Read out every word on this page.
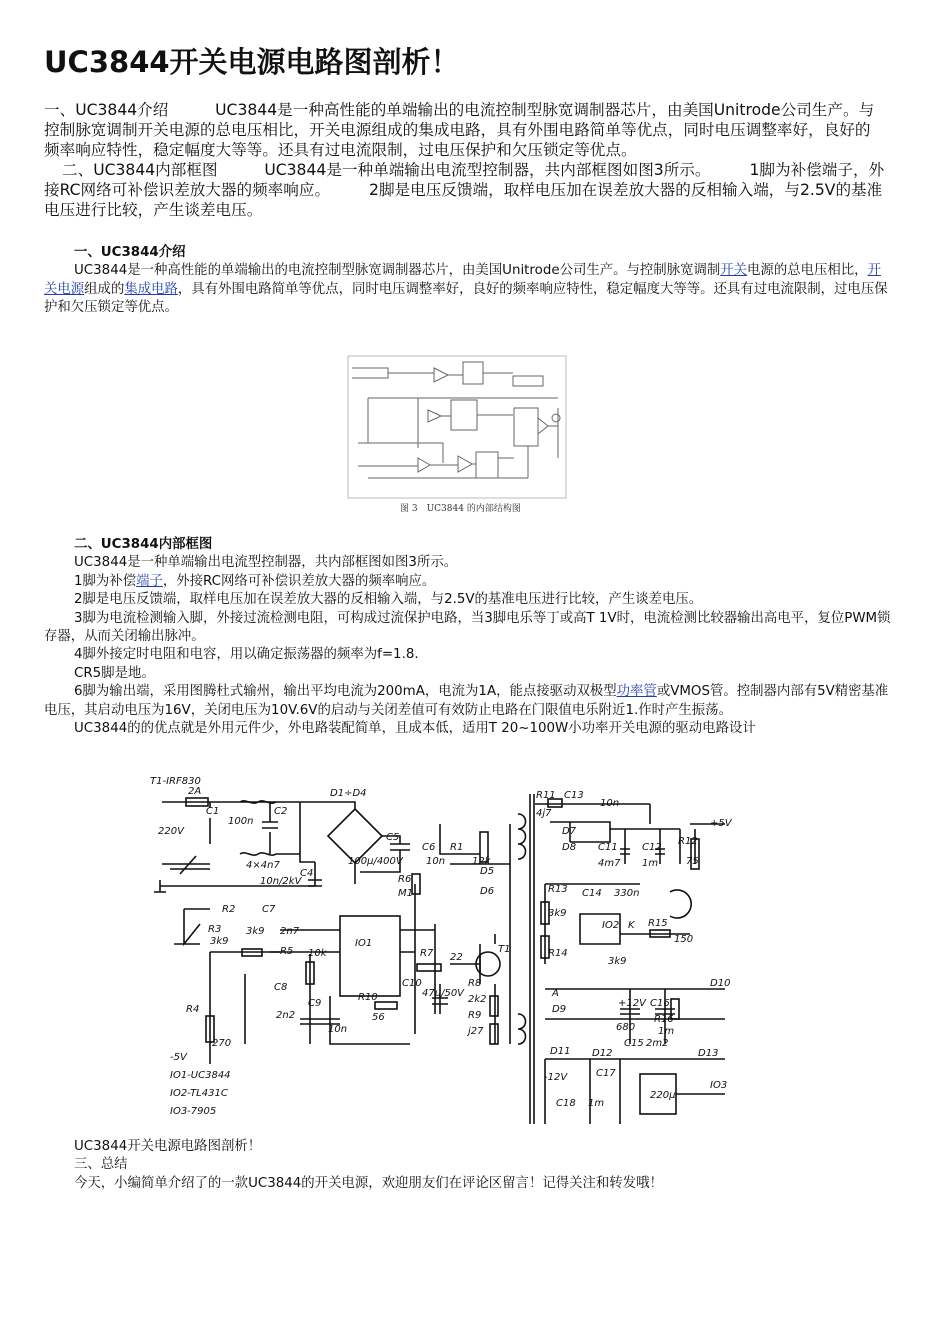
UC3844开关电源电路图剖析！

一、UC3844介绍　　　UC3844是一种高性能的单端输出的电流控制型脉宽调制器芯片，由美国Unitrode公司生产。与控制脉宽调制开关电源的总电压相比，开关电源组成的集成电路，具有外围电路简单等优点，同时电压调整率好，良好的频率响应特性，稳定幅度大等等。还具有过电流限制，过电压保护和欠压锁定等优点。

二、UC3844内部框图　　　UC3844是一种单端输出电流型控制器，共内部框图如图3所示。　　　1脚为补偿端子，外接RC网络可补偿识差放大器的频率响应。　　　2脚是电压反馈端，取样电压加在误差放大器的反相输入端，与2.5V的基准电压进行比较，产生谈差电压。

一、UC3844介绍

UC3844是一种高性能的单端输出的电流控制型脉宽调制器芯片，由美国Unitrode公司生产。与控制脉宽调制开关电源的总电压相比，开关电源组成的集成电路，具有外围电路简单等优点，同时电压调整率好，良好的频率响应特性，稳定幅度大等等。还具有过电流限制，过电压保护和欠压锁定等优点。

图 3　UC3844 的内部结构图

二、UC3844内部框图

UC3844是一种单端输出电流型控制器，共内部框图如图3所示。

1脚为补偿端子，外接RC网络可补偿识差放大器的频率响应。

2脚是电压反馈端，取样电压加在误差放大器的反相输入端，与2.5V的基准电压进行比较，产生谈差电压。

3脚为电流检测输入脚，外接过流检测电阻，可构成过流保护电路，当3脚电乐等丁或高T 1V时，电流检测比较器输出高电平，复位PWM锁存器，从而关闭输出脉冲。

4脚外接定时电阻和电容，用以确定振荡器的频率为f=1.8.

CR5脚是地。

6脚为输出端，采用图腾杜式输州，输出平均电流为200mA，电流为1A，能点接驱动双极型功率管或VMOS管。控制器内部有5V精密基准电压，其启动电压为16V，关闭电压为10V.6V的启动与关闭差值可有效防止电路在门限值电乐附近1.作时产生振荡。

UC3844的的优点就是外用元件少，外电路装配简单，且成本低，适用T 20~100W小功率开关电源的驱动电路设计

2A
C1	C2
D1÷D4
C5
220V
100n
4×4n7
C4
100µ/400V
10n/2kV
R2	C7
IO1
3k9 2n7
R3
R5 10k
3k9
C8
C9
R10
2n2
10n
56
R4
270
R6
M1
C6 R1
10n	12k
D5
D6
R7 22
T1
C10
47µ/50V
R8
2k2
R9
j27
R11 C13
10n
4j7
D7
D8 C11
4m7
C12
1m
+5V
R12
75
R13 C14 330n
3k9
IO2 K R15
150
R14
3k9
A
D9
D10
+12V C16
R16
680
C15 2m2
1m
D11 D12	D13
-12V	C17
C18 1m
220µ
IO3
-5V
IO1-UC3844
IO2-TL431C
IO3-7905
T1-IRF830

UC3844开关电源电路图剖析！

三、总结

今天，小编简单介绍了的一款UC3844的开关电源，欢迎朋友们在评论区留言！记得关注和转发哦！
